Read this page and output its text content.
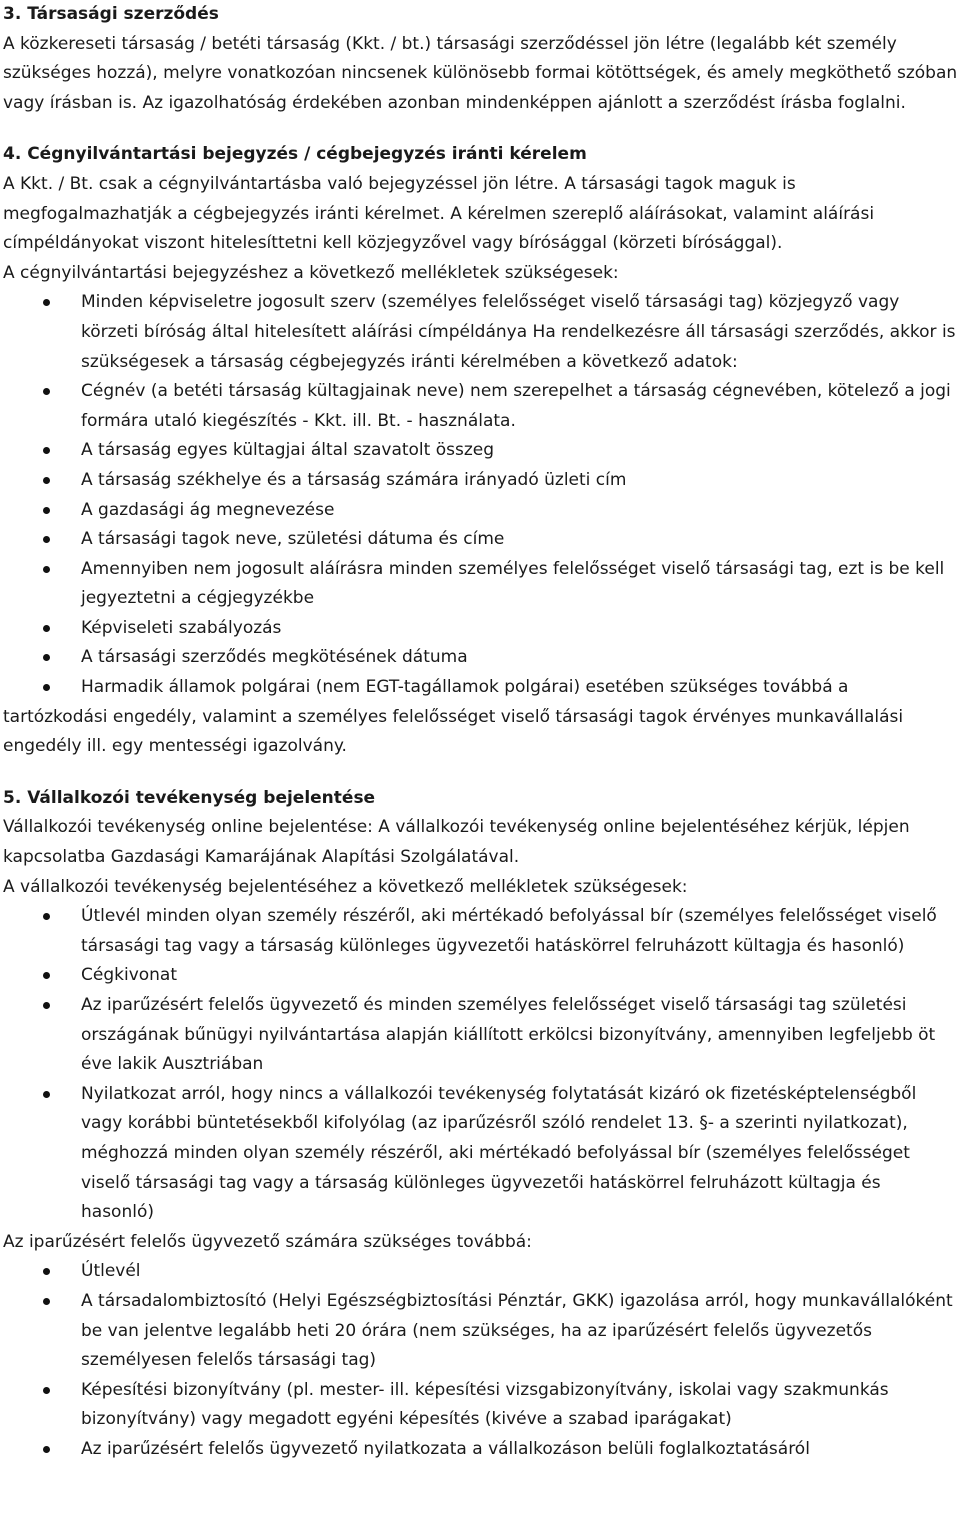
3. Társasági szerződés

A közkereseti társaság / betéti társaság (Kkt. / bt.) társasági szerződéssel jön létre (legalább két személy szükséges hozzá), melyre vonatkozóan nincsenek különösebb formai kötöttségek, és amely megköthető szóban vagy írásban is. Az igazolhatóság érdekében azonban mindenképpen ajánlott a szerződést írásba foglalni.

4. Cégnyilvántartási bejegyzés / cégbejegyzés iránti kérelem

A Kkt. / Bt. csak a cégnyilvántartásba való bejegyzéssel jön létre. A társasági tagok maguk is megfogalmazhatják a cégbejegyzés iránti kérelmet. A kérelmen szereplő aláírásokat, valamint aláírási címpéldányokat viszont hitelesíttetni kell közjegyzővel vagy bírósággal (körzeti bírósággal).

A cégnyilvántartási bejegyzéshez a következő mellékletek szükségesek:

Minden képviseletre jogosult szerv (személyes felelősséget viselő társasági tag) közjegyző vagy körzeti bíróság által hitelesített aláírási címpéldánya Ha rendelkezésre áll társasági szerződés, akkor is szükségesek a társaság cégbejegyzés iránti kérelmében a következő adatok:
Cégnév (a betéti társaság kültagjainak neve) nem szerepelhet a társaság cégnevében, kötelező a jogi formára utaló kiegészítés - Kkt. ill. Bt. - használata.
A társaság egyes kültagjai által szavatolt összeg
A társaság székhelye és a társaság számára irányadó üzleti cím
A gazdasági ág megnevezése
A társasági tagok neve, születési dátuma és címe
Amennyiben nem jogosult aláírásra minden személyes felelősséget viselő társasági tag, ezt is be kell jegyeztetni a cégjegyzékbe
Képviseleti szabályozás
A társasági szerződés megkötésének dátuma
Harmadik államok polgárai (nem EGT-tagállamok polgárai) esetében szükséges továbbá a tartózkodási engedély, valamint a személyes felelősséget viselő társasági tagok érvényes munkavállalási engedély ill. egy mentességi igazolvány.
5. Vállalkozói tevékenység bejelentése

Vállalkozói tevékenység online bejelentése: A vállalkozói tevékenység online bejelentéséhez kérjük, lépjen kapcsolatba Gazdasági Kamarájának Alapítási Szolgálatával.

A vállalkozói tevékenység bejelentéséhez a következő mellékletek szükségesek:

Útlevél minden olyan személy részéről, aki mértékadó befolyással bír (személyes felelősséget viselő társasági tag vagy a társaság különleges ügyvezetői hatáskörrel felruházott kültagja és hasonló)
Cégkivonat
Az iparűzésért felelős ügyvezető és minden személyes felelősséget viselő társasági tag születési országának bűnügyi nyilvántartása alapján kiállított erkölcsi bizonyítvány, amennyiben legfeljebb öt éve lakik Ausztriában
Nyilatkozat arról, hogy nincs a vállalkozói tevékenység folytatását kizáró ok fizetésképtelenségből vagy korábbi büntetésekből kifolyólag (az iparűzésről szóló rendelet 13. §- a szerinti nyilatkozat), méghozzá minden olyan személy részéről, aki mértékadó befolyással bír (személyes felelősséget viselő társasági tag vagy a társaság különleges ügyvezetői hatáskörrel felruházott kültagja és hasonló)

Az iparűzésért felelős ügyvezető számára szükséges továbbá:

Útlevél
A társadalombiztosító (Helyi Egészségbiztosítási Pénztár, GKK) igazolása arról, hogy munkavállalóként be van jelentve legalább heti 20 órára (nem szükséges, ha az iparűzésért felelős ügyvezetős személyesen felelős társasági tag)
Képesítési bizonyítvány (pl. mester- ill. képesítési vizsgabizonyítvány, iskolai vagy szakmunkás bizonyítvány) vagy megadott egyéni képesítés (kivéve a szabad iparágakat)
Az iparűzésért felelős ügyvezető nyilatkozata a vállalkozáson belüli foglalkoztatásáról
